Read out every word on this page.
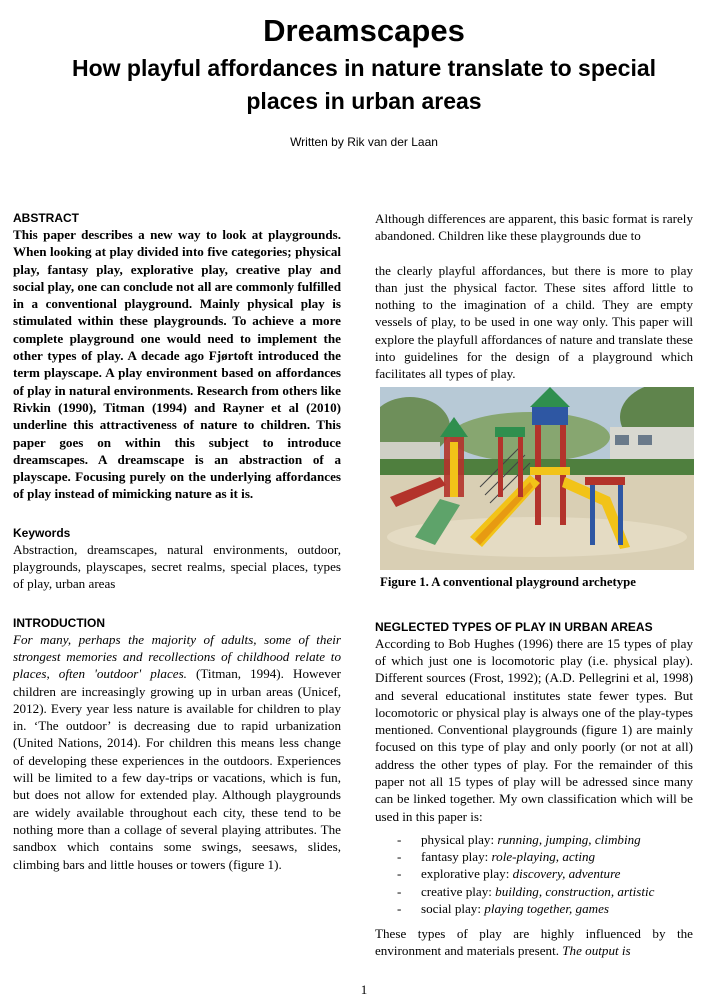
Dreamscapes
How playful affordances in nature translate to special places in urban areas
Written by Rik van der Laan
ABSTRACT

This paper describes a new way to look at playgrounds. When looking at play divided into five categories; physical play, fantasy play, explorative play, creative play and social play, one can conclude not all are commonly fulfilled in a conventional playground. Mainly physical play is stimulated within these playgrounds. To achieve a more complete playground one would need to implement the other types of play. A decade ago Fjørtoft introduced the term playscape. A play environment based on affordances of play in natural environments. Research from others like Rivkin (1990), Titman (1994) and Rayner et al (2010) underline this attractiveness of nature to children. This paper goes on within this subject to introduce dreamscapes. A dreamscape is an abstraction of a playscape. Focusing purely on the underlying affordances of play instead of mimicking nature as it is.

Keywords

Abstraction, dreamscapes, natural environments, outdoor, playgrounds, playscapes, secret realms, special places, types of play, urban areas

INTRODUCTION

For many, perhaps the majority of adults, some of their strongest memories and recollections of childhood relate to places, often 'outdoor' places. (Titman, 1994). However children are increasingly growing up in urban areas (Unicef, 2012). Every year less nature is available for children to play in. ‘The outdoor’ is decreasing due to rapid urbanization (United Nations, 2014). For children this means less change of developing these experiences in the outdoors. Experiences will be limited to a few day-trips or vacations, which is fun, but does not allow for extended play. Although playgrounds are widely available throughout each city, these tend to be nothing more than a collage of several playing attributes. The sandbox which contains some swings, seesaws, slides, climbing bars and little houses or towers (figure 1).

Although differences are apparent, this basic format is rarely abandoned. Children like these playgrounds due to

the clearly playful affordances, but there is more to play than just the physical factor. These sites afford little to nothing to the imagination of a child. They are empty vessels of play, to be used in one way only. This paper will explore the playfull affordances of nature and translate these into guidelines for the design of a playground which facilitates all types of play.

Figure 1. A conventional playground archetype
NEGLECTED TYPES OF PLAY IN URBAN AREAS

According to Bob Hughes (1996) there are 15 types of play of which just one is locomotoric play (i.e. physical play). Different sources (Frost, 1992); (A.D. Pellegrini et al, 1998) and several educational institutes state fewer types. But locomotoric or physical play is always one of the play-types mentioned. Conventional playgrounds (figure 1) are mainly focused on this type of play and only poorly (or not at all) address the other types of play. For the remainder of this paper not all 15 types of play will be adressed since many can be linked together. My own classification which will be used in this paper is:

-	physical play: running, jumping, climbing
-	fantasy play: role-playing, acting
-	explorative play: discovery, adventure
-	creative play: building, construction, artistic
-	social play: playing together, games

These types of play are highly influenced by the environment and materials present. The output is

1
